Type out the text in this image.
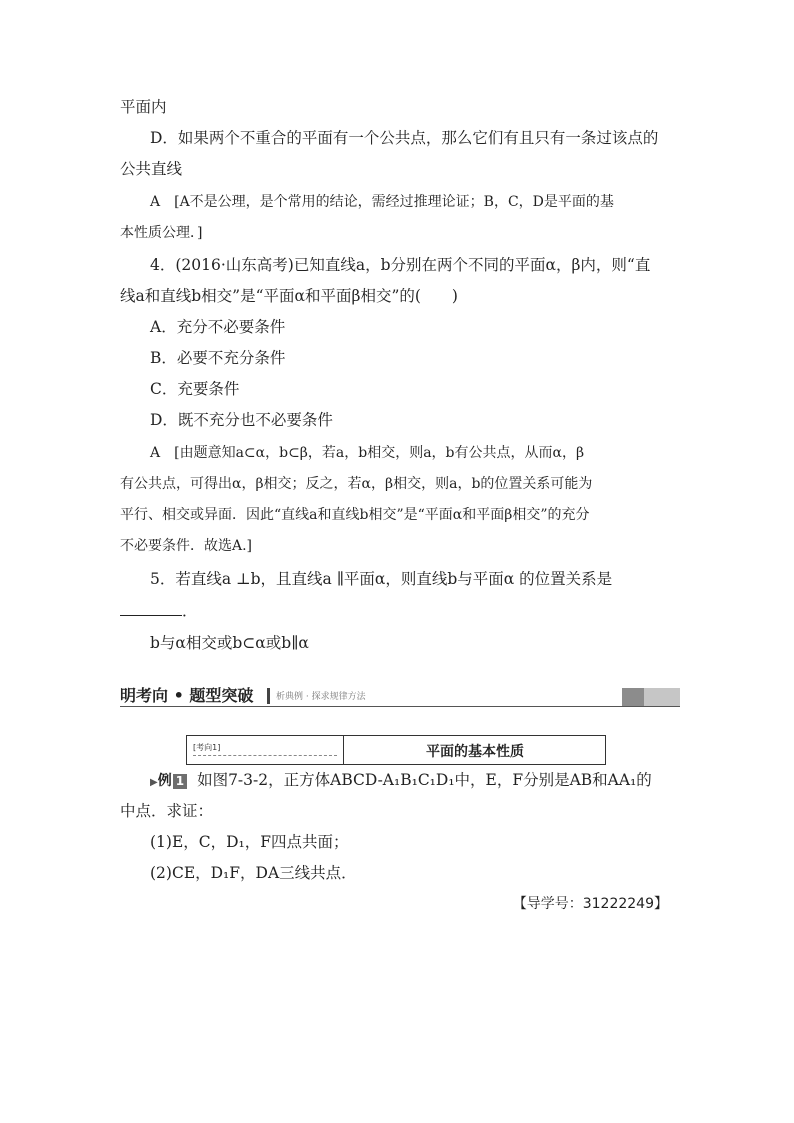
平面内
D．如果两个不重合的平面有一个公共点，那么它们有且只有一条过该点的
公共直线
A　[A不是公理，是个常用的结论，需经过推理论证；B，C，D是平面的基
本性质公理．]
4．(2016·山东高考)已知直线a，b分别在两个不同的平面α，β内，则“直
线a和直线b相交”是“平面α和平面β相交”的(　　)
A．充分不必要条件
B．必要不充分条件
C．充要条件
D．既不充分也不必要条件
A　[由题意知a⊂α，b⊂β，若a，b相交，则a，b有公共点，从而α，β
有公共点，可得出α，β相交；反之，若α，β相交，则a，b的位置关系可能为
平行、相交或异面．因此“直线a和直线b相交”是“平面α和平面β相交”的充分
不必要条件．故选A.]
5．若直线a ⊥b，且直线a ∥平面α，则直线b与平面α 的位置关系是
．
b与α相交或b⊂α或b∥α
明考向 • 题型突破	析典例 · 探求规律方法
[考向1]	平面的基本性质
▶例 1 如图7-3-2，正方体ABCD-A₁B₁C₁D₁中，E，F分别是AB和AA₁的
中点．求证：
(1)E，C，D₁，F四点共面；
(2)CE，D₁F，DA三线共点．
【导学号：31222249】
